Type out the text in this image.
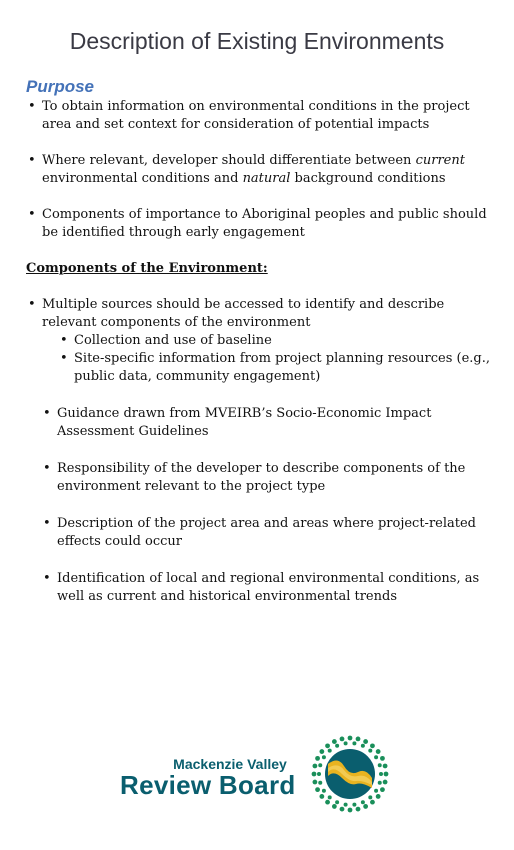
Description of Existing Environments
Purpose
• To obtain information on environmental conditions in the project area and set context for consideration of potential impacts
• Where relevant, developer should differentiate between current environmental conditions and natural background conditions
• Components of importance to Aboriginal peoples and public should be identified through early engagement
Components of the Environment:
• Multiple sources should be accessed to identify and describe relevant components of the environment
• Collection and use of baseline
• Site-specific information from project planning resources (e.g., public data, community engagement)
• Guidance drawn from MVEIRB’s Socio-Economic Impact Assessment Guidelines
• Responsibility of the developer to describe components of the environment relevant to the project type
• Description of the project area and areas where project-related effects could occur
• Identification of local and regional environmental conditions, as well as current and historical environmental trends
Mackenzie Valley
Review Board
